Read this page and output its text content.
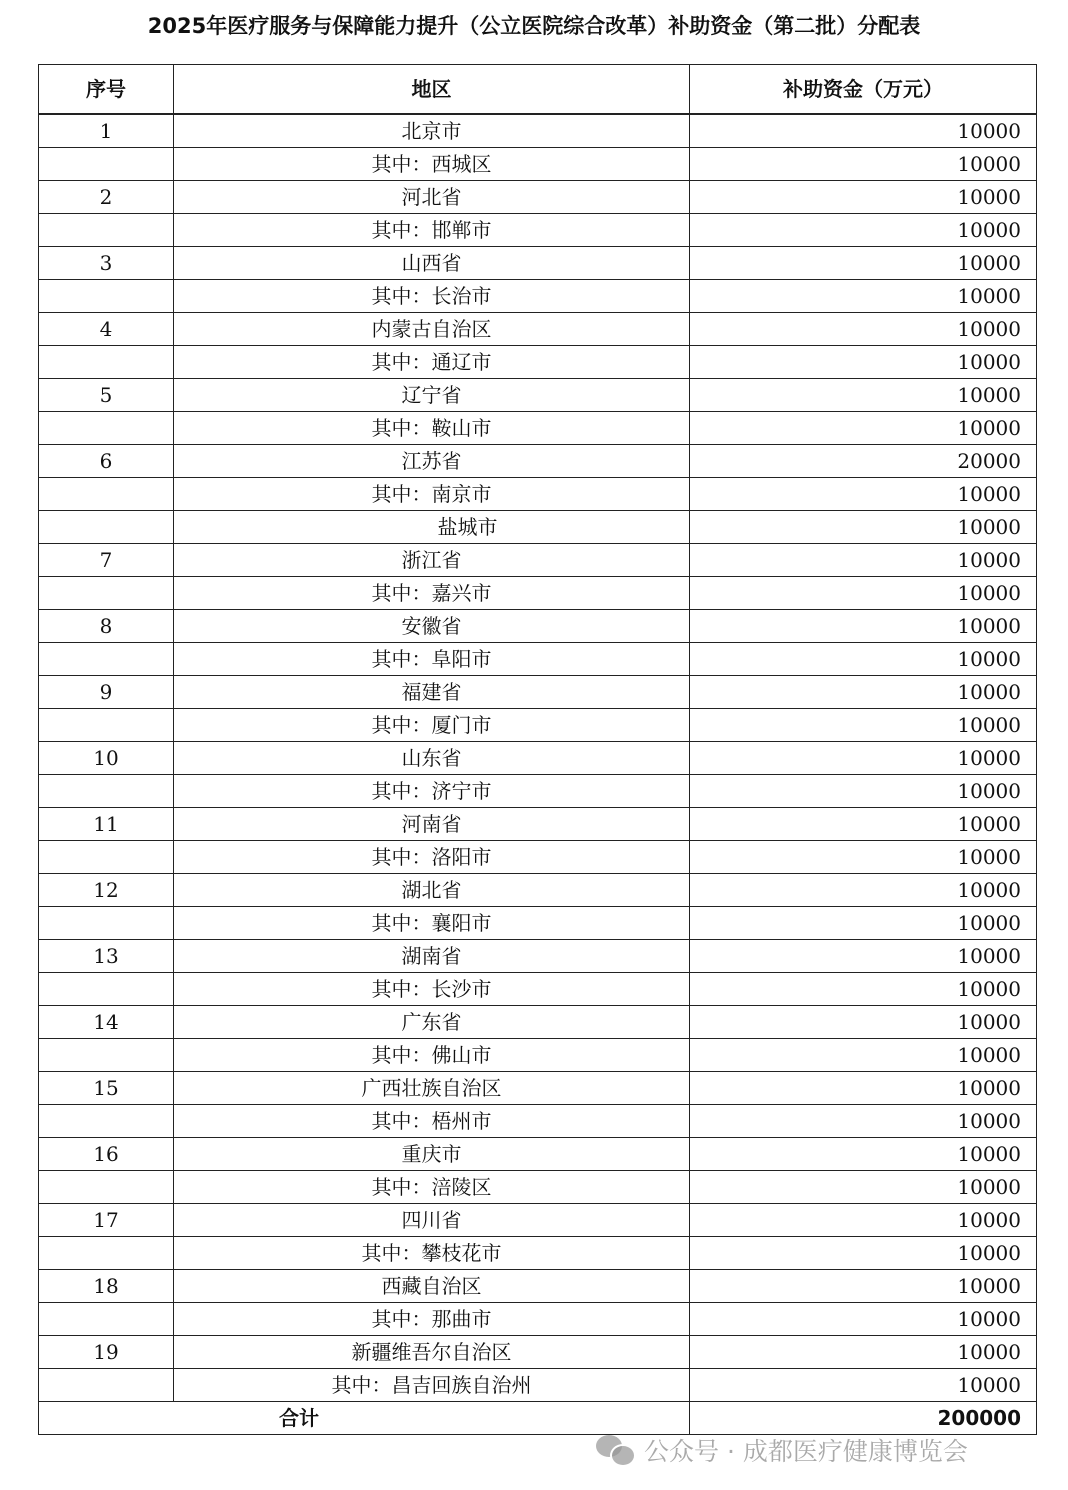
2025年医疗服务与保障能力提升（公立医院综合改革）补助资金（第二批）分配表
序号	地区	补助资金（万元）
1	北京市	10000
	其中：西城区	10000
2	河北省	10000
	其中：邯郸市	10000
3	山西省	10000
	其中：长治市	10000
4	内蒙古自治区	10000
	其中：通辽市	10000
5	辽宁省	10000
	其中：鞍山市	10000
6	江苏省	20000
	其中：南京市	10000
	盐城市	10000
7	浙江省	10000
	其中：嘉兴市	10000
8	安徽省	10000
	其中：阜阳市	10000
9	福建省	10000
	其中：厦门市	10000
10	山东省	10000
	其中：济宁市	10000
11	河南省	10000
	其中：洛阳市	10000
12	湖北省	10000
	其中：襄阳市	10000
13	湖南省	10000
	其中：长沙市	10000
14	广东省	10000
	其中：佛山市	10000
15	广西壮族自治区	10000
	其中：梧州市	10000
16	重庆市	10000
	其中：涪陵区	10000
17	四川省	10000
	其中：攀枝花市	10000
18	西藏自治区	10000
	其中：那曲市	10000
19	新疆维吾尔自治区	10000
	其中：昌吉回族自治州	10000
合计		200000
公众号 · 成都医疗健康博览会
